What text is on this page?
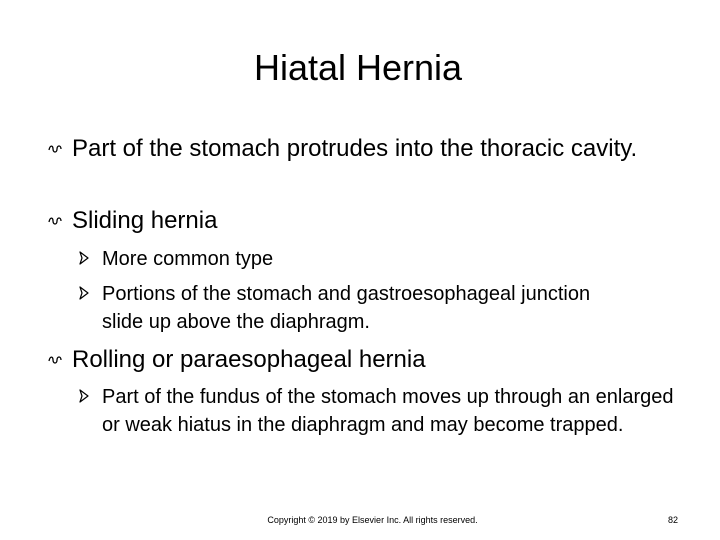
Hiatal Hernia
Part of the stomach protrudes into the thoracic cavity.
Sliding hernia
More common type
Portions of the stomach and gastroesophageal junction slide up above the diaphragm.
Rolling or paraesophageal hernia
Part of the fundus of the stomach moves up through an enlarged or weak hiatus in the diaphragm and may become trapped.
Copyright © 2019 by Elsevier Inc. All rights reserved.	82
